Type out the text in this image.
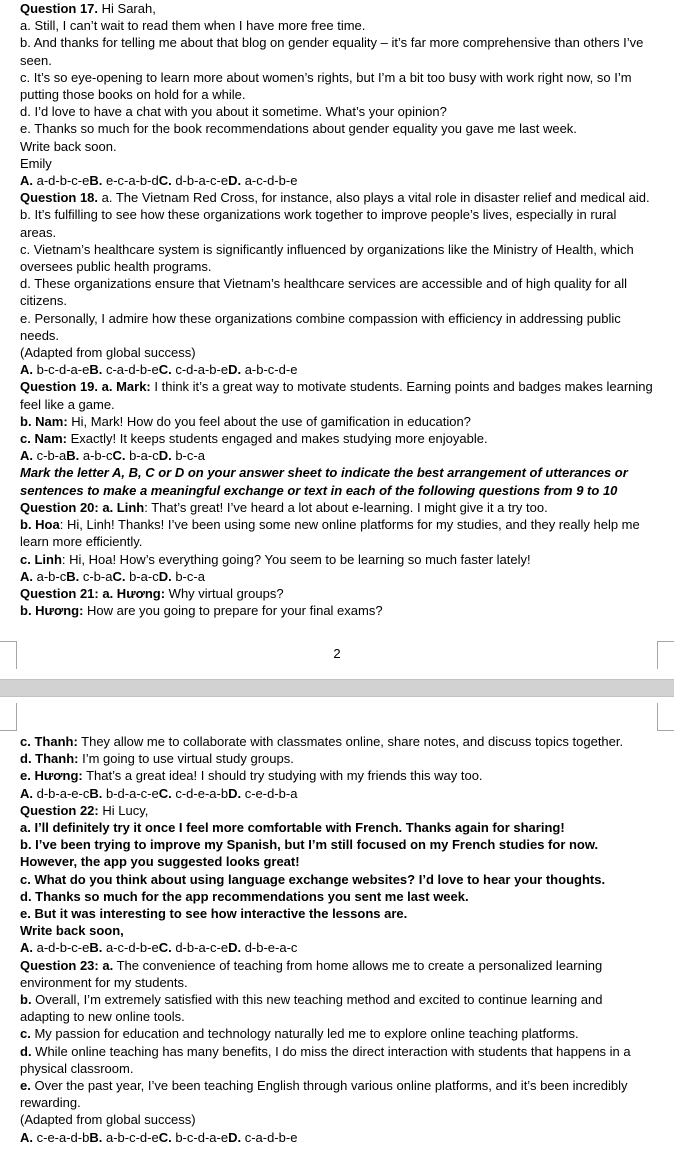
Question 17. Hi Sarah,

a. Still, I can’t wait to read them when I have more free time.

b. And thanks for telling me about that blog on gender equality – it’s far more comprehensive than others I’ve seen.

c. It’s so eye-opening to learn more about women’s rights, but I’m a bit too busy with work right now, so I’m putting those books on hold for a while.

d. I’d love to have a chat with you about it sometime. What’s your opinion?

e. Thanks so much for the book recommendations about gender equality you gave me last week.

Write back soon.

Emily

A. a-d-b-c-eB. e-c-a-b-dC. d-b-a-c-eD. a-c-d-b-e

Question 18. a. The Vietnam Red Cross, for instance, also plays a vital role in disaster relief and medical aid.

b. It’s fulfilling to see how these organizations work together to improve people’s lives, especially in rural areas.

c. Vietnam’s healthcare system is significantly influenced by organizations like the Ministry of Health, which oversees public health programs.

d. These organizations ensure that Vietnam’s healthcare services are accessible and of high quality for all citizens.

e. Personally, I admire how these organizations combine compassion with efficiency in addressing public needs.

(Adapted from global success)

A. b-c-d-a-eB. c-a-d-b-eC. c-d-a-b-eD. a-b-c-d-e

Question 19. a. Mark: I think it’s a great way to motivate students. Earning points and badges makes learning feel like a game.

b. Nam: Hi, Mark! How do you feel about the use of gamification in education?

c. Nam: Exactly! It keeps students engaged and makes studying more enjoyable.

A. c-b-aB. a-b-cC. b-a-cD. b-c-a

Mark the letter A, B, C or D on your answer sheet to indicate the best arrangement of utterances or sentences to make a meaningful exchange or text in each of the following questions from 9 to 10

Question 20: a. Linh: That’s great! I’ve heard a lot about e-learning. I might give it a try too.

b. Hoa: Hi, Linh! Thanks! I’ve been using some new online platforms for my studies, and they really help me learn more efficiently.

c. Linh: Hi, Hoa! How’s everything going? You seem to be learning so much faster lately!

A. a-b-cB. c-b-aC. b-a-cD. b-c-a

Question 21: a. Hương: Why virtual groups?

b. Hương: How are you going to prepare for your final exams?

2

c. Thanh: They allow me to collaborate with classmates online, share notes, and discuss topics together.

d. Thanh: I’m going to use virtual study groups.

e. Hương: That’s a great idea! I should try studying with my friends this way too.

A. d-b-a-e-cB. b-d-a-c-eC. c-d-e-a-bD. c-e-d-b-a

Question 22: Hi Lucy,

a. I’ll definitely try it once I feel more comfortable with French. Thanks again for sharing!

b. I’ve been trying to improve my Spanish, but I’m still focused on my French studies for now. However, the app you suggested looks great!

c. What do you think about using language exchange websites? I’d love to hear your thoughts.

d. Thanks so much for the app recommendations you sent me last week.

e. But it was interesting to see how interactive the lessons are.

Write back soon,

A. a-d-b-c-eB. a-c-d-b-eC. d-b-a-c-eD. d-b-e-a-c

Question 23: a. The convenience of teaching from home allows me to create a personalized learning environment for my students.

b. Overall, I’m extremely satisfied with this new teaching method and excited to continue learning and adapting to new online tools.

c. My passion for education and technology naturally led me to explore online teaching platforms.

d. While online teaching has many benefits, I do miss the direct interaction with students that happens in a physical classroom.

e. Over the past year, I’ve been teaching English through various online platforms, and it’s been incredibly rewarding.

(Adapted from global success)

A. c-e-a-d-bB. a-b-c-d-eC. b-c-d-a-eD. c-a-d-b-e
